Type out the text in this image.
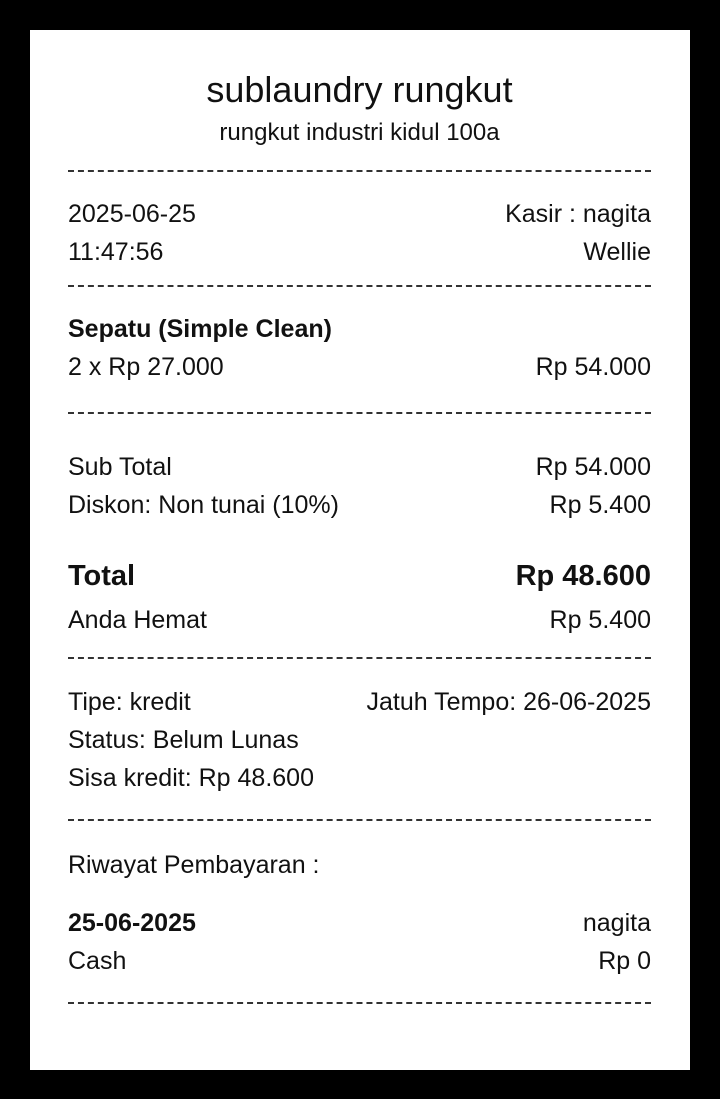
sublaundry rungkut
rungkut industri kidul 100a
2025-06-25	Kasir : nagita
11:47:56	Wellie
Sepatu (Simple Clean)
2 x Rp 27.000	Rp 54.000
Sub Total	Rp 54.000
Diskon: Non tunai (10%)	Rp 5.400
Total	Rp 48.600
Anda Hemat	Rp 5.400
Tipe: kredit	Jatuh Tempo: 26-06-2025
Status: Belum Lunas
Sisa kredit: Rp 48.600
Riwayat Pembayaran :
25-06-2025	nagita
Cash	Rp 0
